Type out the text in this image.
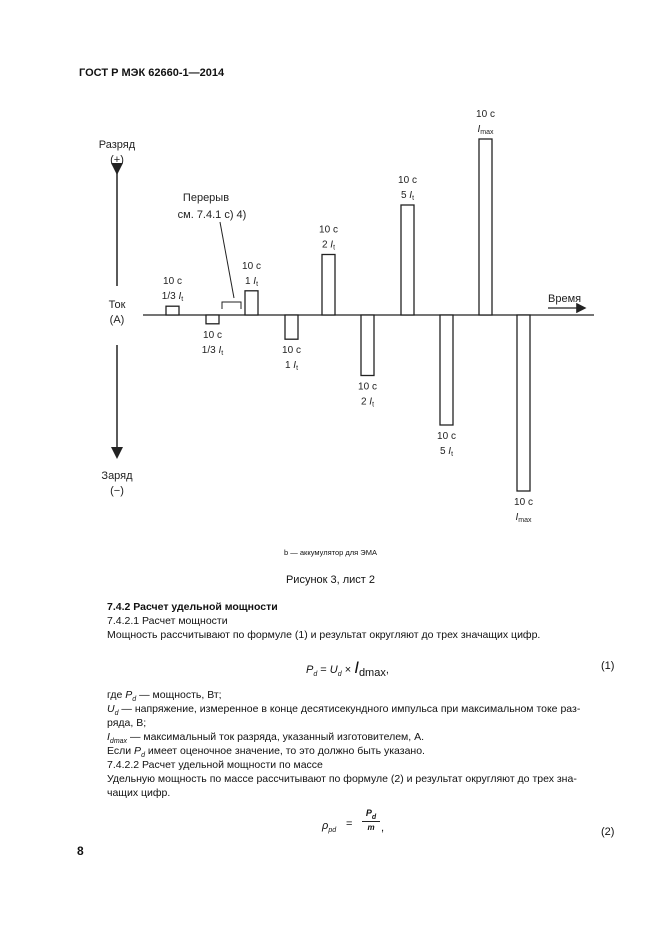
ГОСТ Р МЭК 62660-1—2014
Разряд
(+)
Ток
(A)
Заряд
(−)
Время
Перерыв
см. 7.4.1 с) 4)
10 с
1/3 $I_t$
10 с
1/3 $I_t$
10 с
1 $I_t$
10 с
1 $I_t$
10 с
2 $I_t$
10 с
2 $I_t$
10 с
5 $I_t$
10 с
5 $I_t$
10 с
$I_{max}$
10 с
$I_{max}$
b — аккумулятор для ЭМА
Рисунок 3, лист 2
7.4.2 Расчет удельной мощности
7.4.2.1 Расчет мощности
Мощность рассчитывают по формуле (1) и результат округляют до трех значащих цифр.
$P_d = U_d \times I_{dmax}$,	(1)
где $P_d$ — мощность, Вт;
$U_d$ — напряжение, измеренное в конце десятисекундного импульса при максимальном токе раз-
ряда, В;
$I_{dmax}$ — максимальный ток разряда, указанный изготовителем, А.
Если $P_d$ имеет оценочное значение, то это должно быть указано.
7.4.2.2 Расчет удельной мощности по массе
Удельную мощность по массе рассчитывают по формуле (2) и результат округляют до трех зна-
чащих цифр.
$\rho_{pd}$
=
$P_d$
m ,	(2)
8
